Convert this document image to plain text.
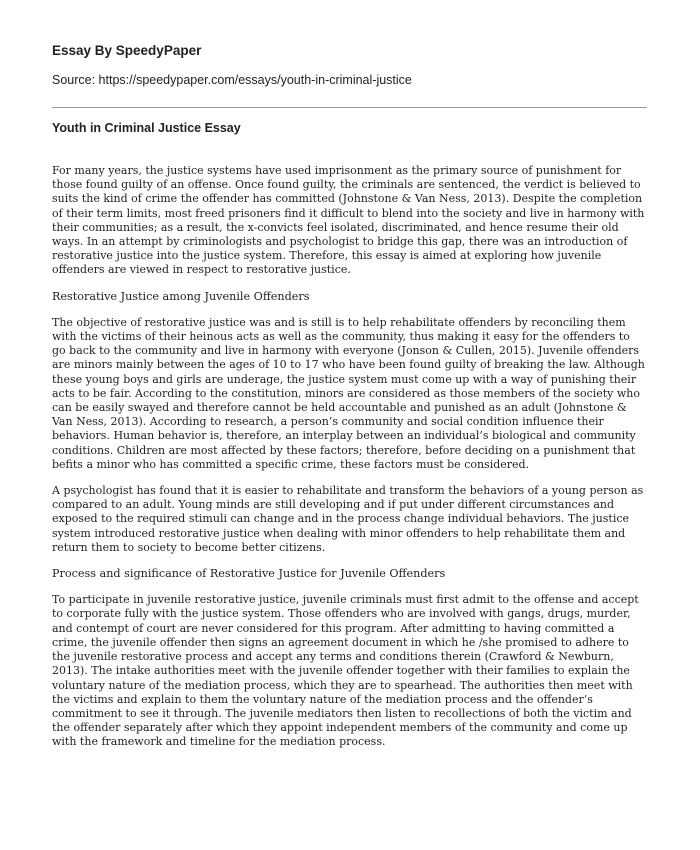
Essay By SpeedyPaper
Source: https://speedypaper.com/essays/youth-in-criminal-justice
Youth in Criminal Justice Essay

For many years, the justice systems have used imprisonment as the primary source of punishment for those found guilty of an offense. Once found guilty, the criminals are sentenced, the verdict is believed to suits the kind of crime the offender has committed (Johnstone & Van Ness, 2013). Despite the completion of their term limits, most freed prisoners find it difficult to blend into the society and live in harmony with their communities; as a result, the x-convicts feel isolated, discriminated, and hence resume their old ways. In an attempt by criminologists and psychologist to bridge this gap, there was an introduction of restorative justice into the justice system. Therefore, this essay is aimed at exploring how juvenile offenders are viewed in respect to restorative justice.

Restorative Justice among Juvenile Offenders

The objective of restorative justice was and is still is to help rehabilitate offenders by reconciling them with the victims of their heinous acts as well as the community, thus making it easy for the offenders to go back to the community and live in harmony with everyone (Jonson & Cullen, 2015). Juvenile offenders are minors mainly between the ages of 10 to 17 who have been found guilty of breaking the law. Although these young boys and girls are underage, the justice system must come up with a way of punishing their acts to be fair. According to the constitution, minors are considered as those members of the society who can be easily swayed and therefore cannot be held accountable and punished as an adult (Johnstone & Van Ness, 2013). According to research, a person’s community and social condition influence their behaviors. Human behavior is, therefore, an interplay between an individual’s biological and community conditions. Children are most affected by these factors; therefore, before deciding on a punishment that befits a minor who has committed a specific crime, these factors must be considered.

A psychologist has found that it is easier to rehabilitate and transform the behaviors of a young person as compared to an adult. Young minds are still developing and if put under different circumstances and exposed to the required stimuli can change and in the process change individual behaviors. The justice system introduced restorative justice when dealing with minor offenders to help rehabilitate them and return them to society to become better citizens.

Process and significance of Restorative Justice for Juvenile Offenders

To participate in juvenile restorative justice, juvenile criminals must first admit to the offense and accept to corporate fully with the justice system. Those offenders who are involved with gangs, drugs, murder, and contempt of court are never considered for this program. After admitting to having committed a crime, the juvenile offender then signs an agreement document in which he /she promised to adhere to the juvenile restorative process and accept any terms and conditions therein (Crawford & Newburn, 2013). The intake authorities meet with the juvenile offender together with their families to explain the voluntary nature of the mediation process, which they are to spearhead. The authorities then meet with the victims and explain to them the voluntary nature of the mediation process and the offender’s commitment to see it through. The juvenile mediators then listen to recollections of both the victim and the offender separately after which they appoint independent members of the community and come up with the framework and timeline for the mediation process.
